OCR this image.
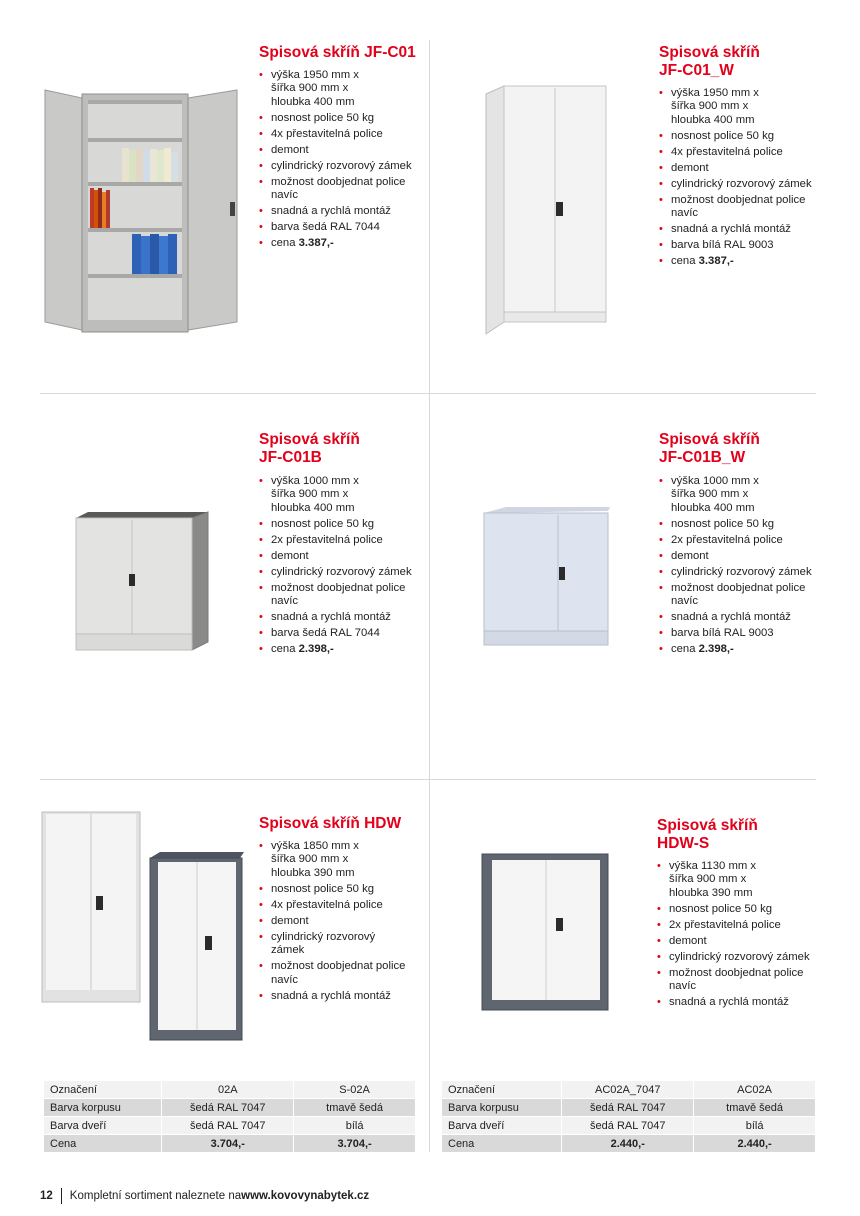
Spisová skříň JF-C01
• výška 1950 mm x
šířka 900 mm x
hloubka 400 mm
• nosnost police 50 kg
• 4x přestavitelná police
• demont
• cylindrický rozvorový zámek
• možnost doobjednat police
navíc
• snadná a rychlá montáž
• barva šedá RAL 7044
• cena 3.387,-
Spisová skříň
JF-C01_W
• výška 1950 mm x
šířka 900 mm x
hloubka 400 mm
• nosnost police 50 kg
• 4x přestavitelná police
• demont
• cylindrický rozvorový zámek
• možnost doobjednat police
navíc
• snadná a rychlá montáž
• barva bílá RAL 9003
• cena 3.387,-
Spisová skříň
JF-C01B
• výška 1000 mm x
šířka 900 mm x
hloubka 400 mm
• nosnost police 50 kg
• 2x přestavitelná police
• demont
• cylindrický rozvorový zámek
• možnost doobjednat police
navíc
• snadná a rychlá montáž
• barva šedá RAL 7044
• cena 2.398,-
Spisová skříň
JF-C01B_W
• výška 1000 mm x
šířka 900 mm x
hloubka 400 mm
• nosnost police 50 kg
• 2x přestavitelná police
• demont
• cylindrický rozvorový zámek
• možnost doobjednat police
navíc
• snadná a rychlá montáž
• barva bílá RAL 9003
• cena 2.398,-
Spisová skříň HDW
• výška 1850 mm x
šířka 900 mm x
hloubka 390 mm
• nosnost police 50 kg
• 4x přestavitelná police
• demont
• cylindrický rozvorový
zámek
• možnost doobjednat police
navíc
• snadná a rychlá montáž
Spisová skříň
HDW-S
• výška 1130 mm x
šířka 900 mm x
hloubka 390 mm
• nosnost police 50 kg
• 2x přestavitelná police
• demont
• cylindrický rozvorový zámek
• možnost doobjednat police
navíc
• snadná a rychlá montáž
Označení	02A	S-02A
Barva korpusu	šedá RAL 7047	tmavě šedá
Barva dveří	šedá RAL 7047	bílá
Cena	3.704,-	3.704,-
Označení	AC02A_7047	AC02A
Barva korpusu	šedá RAL 7047	tmavě šedá
Barva dveří	šedá RAL 7047	bílá
Cena	2.440,-	2.440,-
12 Kompletní sortiment naleznete na www.kovovynabytek.cz
